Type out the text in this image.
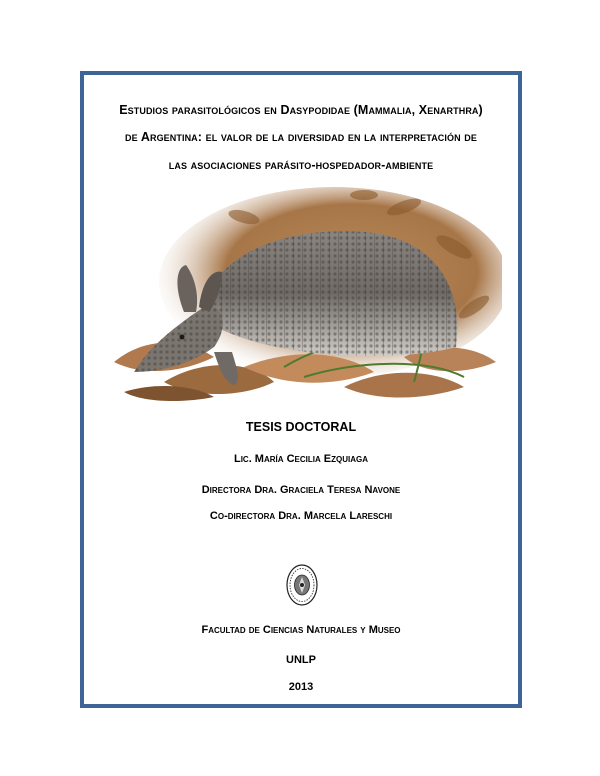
Estudios parasitológicos en Dasypodidae (Mammalia, Xenarthra)
de Argentina: el valor de la diversidad en la interpretación de
las asociaciones parásito-hospedador-ambiente
TESIS DOCTORAL
Lic. María Cecilia Ezquiaga
Directora Dra. Graciela Teresa Navone
Co-directora Dra. Marcela Lareschi
Facultad de Ciencias Naturales y Museo
UNLP
2013
